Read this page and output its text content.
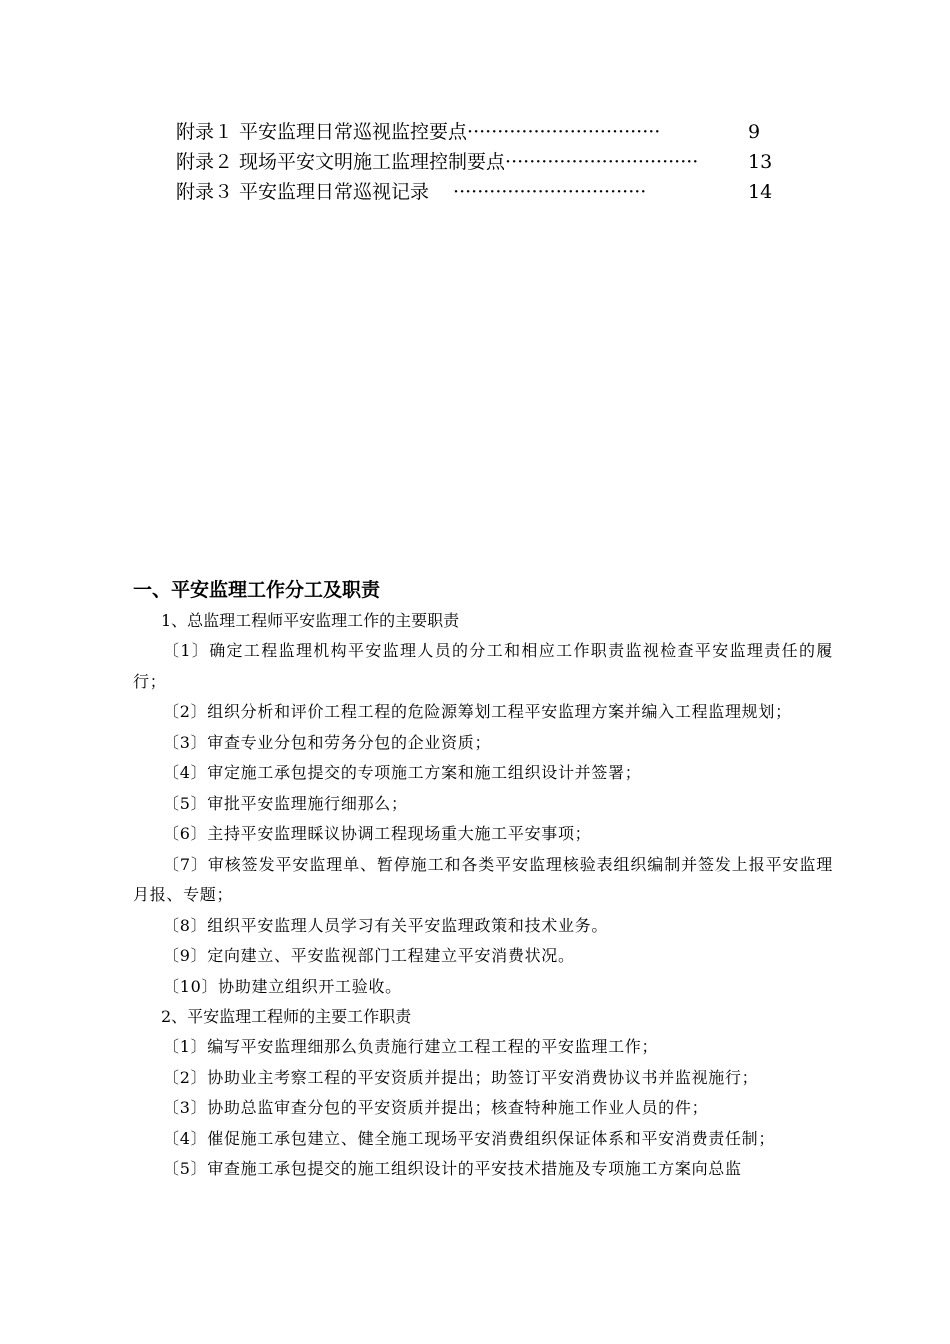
附录１ 平安监理日常巡视监控要点 ································	9
附录２ 现场平安文明施工监理控制要点 ································	13
附录３ 平安监理日常巡视记录 ································	14
一、平安监理工作分工及职责
1、总监理工程师平安监理工作的主要职责
〔1〕确定工程监理机构平安监理人员的分工和相应工作职责监视检查平安监理责任的履行；
〔2〕组织分析和评价工程工程的危险源筹划工程平安监理方案并编入工程监理规划；
〔3〕审查专业分包和劳务分包的企业资质；
〔4〕审定施工承包提交的专项施工方案和施工组织设计并签署；
〔5〕审批平安监理施行细那么；
〔6〕主持平安监理睬议协调工程现场重大施工平安事项；
〔7〕审核签发平安监理单、暂停施工和各类平安监理核验表组织编制并签发上报平安监理月报、专题；
〔8〕组织平安监理人员学习有关平安监理政策和技术业务。
〔9〕定向建立、平安监视部门工程建立平安消费状况。
〔10〕协助建立组织开工验收。
2、平安监理工程师的主要工作职责
〔1〕编写平安监理细那么负责施行建立工程工程的平安监理工作；
〔2〕协助业主考察工程的平安资质并提出；助签订平安消费协议书并监视施行；
〔3〕协助总监审查分包的平安资质并提出；核查特种施工作业人员的件；
〔4〕催促施工承包建立、健全施工现场平安消费组织保证体系和平安消费责任制；
〔5〕审查施工承包提交的施工组织设计的平安技术措施及专项施工方案向总监
